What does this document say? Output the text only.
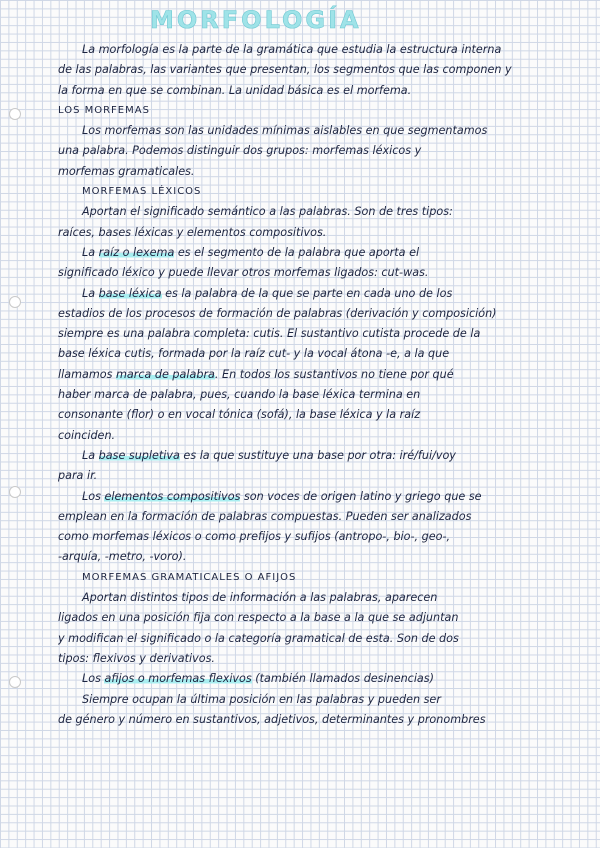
MORFOLOGÍA
La morfología es la parte de la gramática que estudia la estructura interna
de las palabras, las variantes que presentan, los segmentos que las componen y
la forma en que se combinan. La unidad básica es el morfema.
LOS MORFEMAS
Los morfemas son las unidades mínimas aislables en que segmentamos
una palabra. Podemos distinguir dos grupos: morfemas léxicos y
morfemas gramaticales.
MORFEMAS LÉXICOS
Aportan el significado semántico a las palabras. Son de tres tipos:
raíces, bases léxicas y elementos compositivos.
La raíz o lexema es el segmento de la palabra que aporta el
significado léxico y puede llevar otros morfemas ligados: cut-was.
La base léxica es la palabra de la que se parte en cada uno de los
estadios de los procesos de formación de palabras (derivación y composición)
siempre es una palabra completa: cutis. El sustantivo cutista procede de la
base léxica cutis, formada por la raíz cut- y la vocal átona -e, a la que
llamamos marca de palabra. En todos los sustantivos no tiene por qué
haber marca de palabra, pues, cuando la base léxica termina en
consonante (flor) o en vocal tónica (sofá), la base léxica y la raíz
coinciden.
La base supletiva es la que sustituye una base por otra: iré/fui/voy
para ir.
Los elementos compositivos son voces de origen latino y griego que se
emplean en la formación de palabras compuestas. Pueden ser analizados
como morfemas léxicos o como prefijos y sufijos (antropo-, bio-, geo-,
-arquía, -metro, -voro).
MORFEMAS GRAMATICALES O AFIJOS
Aportan distintos tipos de información a las palabras, aparecen
ligados en una posición fija con respecto a la base a la que se adjuntan
y modifican el significado o la categoría gramatical de esta. Son de dos
tipos: flexivos y derivativos.
Los afijos o morfemas flexivos (también llamados desinencias)
Siempre ocupan la última posición en las palabras y pueden ser
de género y número en sustantivos, adjetivos, determinantes y pronombres
